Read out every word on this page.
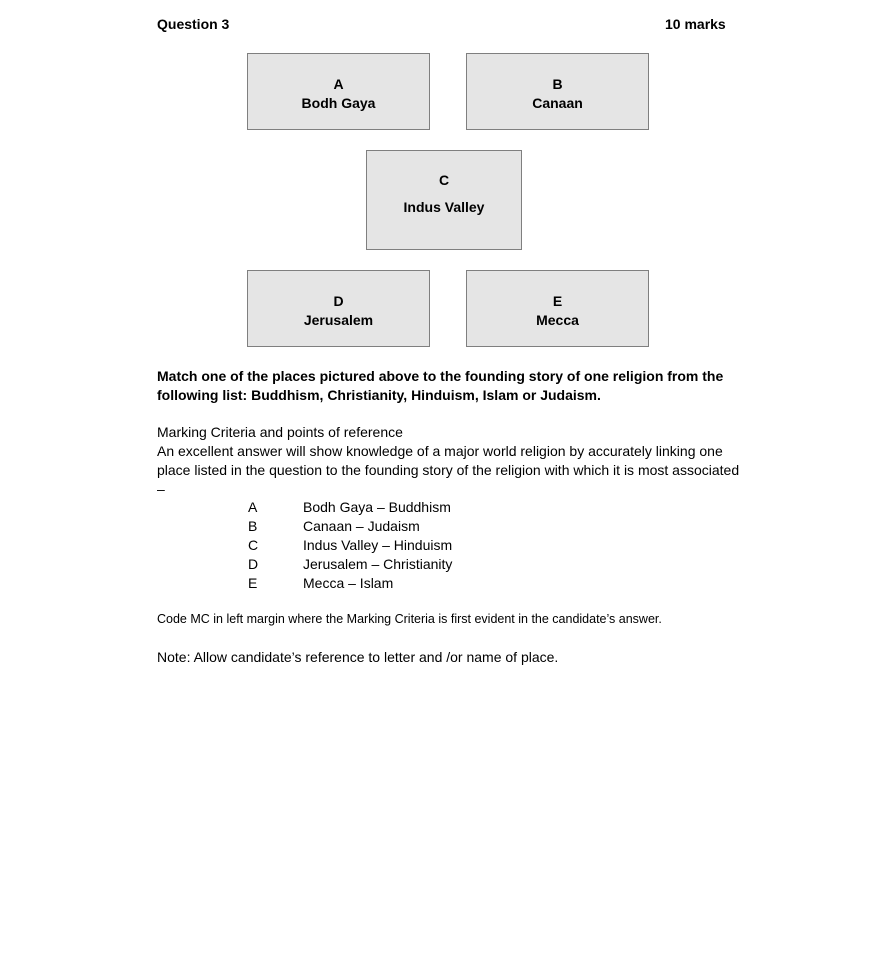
Question 3	10 marks
A
Bodh Gaya
B
Canaan
C
Indus Valley
D
Jerusalem
E
Mecca
Match one of the places pictured above to the founding story of one religion from the following list: Buddhism, Christianity, Hinduism, Islam or Judaism.

Marking Criteria and points of reference

An excellent answer will show knowledge of a major world religion by accurately linking one place listed in the question to the founding story of the religion with which it is most associated –

A	Bodh Gaya – Buddhism
B	Canaan – Judaism
C	Indus Valley – Hinduism
D	Jerusalem – Christianity
E	Mecca – Islam
Code MC in left margin where the Marking Criteria is first evident in the candidate’s answer.
Note: Allow candidate’s reference to letter and /or name of place.
